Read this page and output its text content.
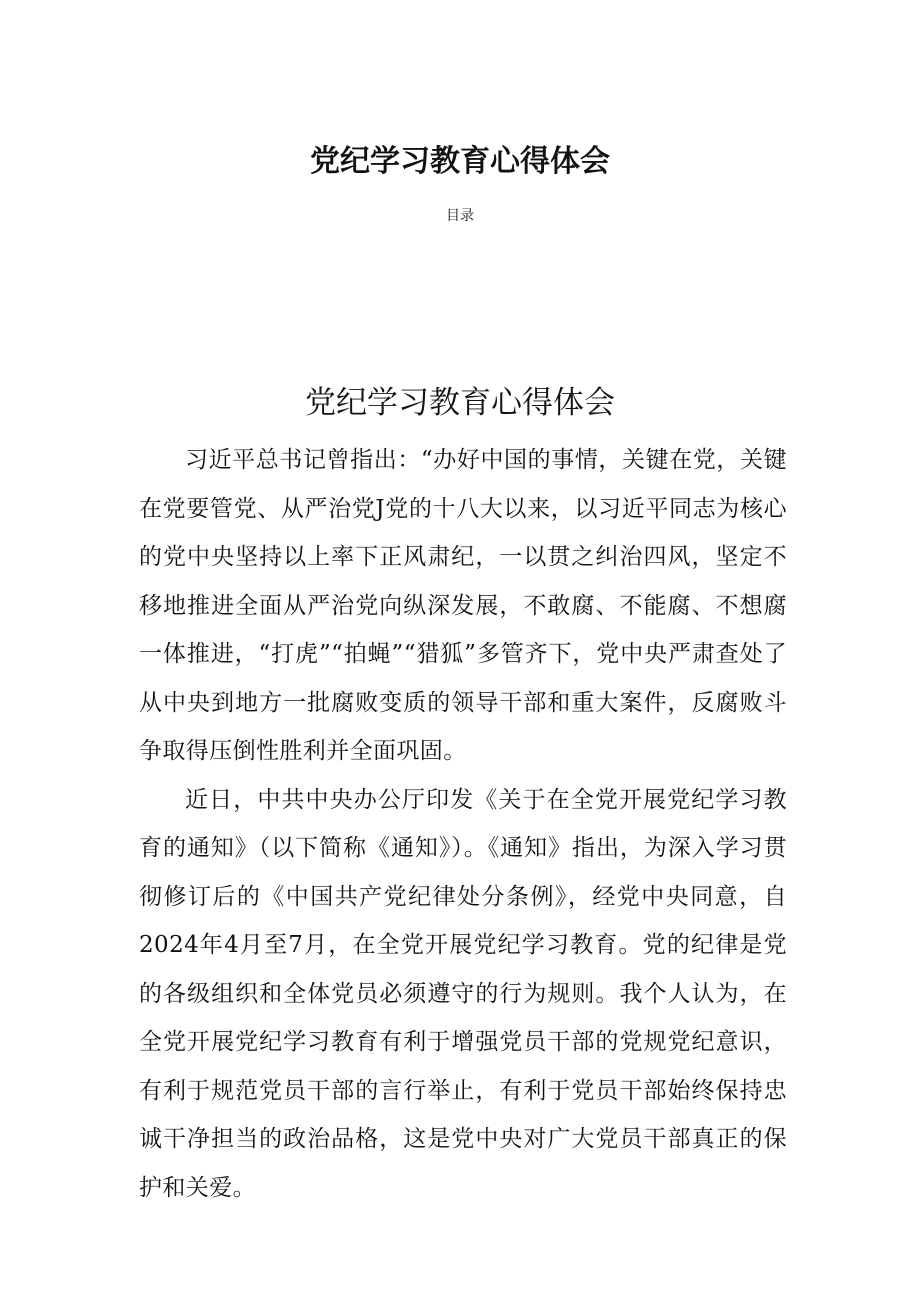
党纪学习教育心得体会
目录
党纪学习教育心得体会

习近平总书记曾指出：“办好中国的事情，关键在党，关键在党要管党、从严治党J党的十八大以来，以习近平同志为核心的党中央坚持以上率下正风肃纪，一以贯之纠治四风，坚定不移地推进全面从严治党向纵深发展，不敢腐、不能腐、不想腐一体推进，“打虎”“拍蝇”“猎狐”多管齐下，党中央严肃查处了从中央到地方一批腐败变质的领导干部和重大案件，反腐败斗争取得压倒性胜利并全面巩固。

近日，中共中央办公厅印发《关于在全党开展党纪学习教育的通知》（以下简称《通知》）。《通知》指出，为深入学习贯彻修订后的《中国共产党纪律处分条例》，经党中央同意，自2024年4月至7月，在全党开展党纪学习教育。党的纪律是党的各级组织和全体党员必须遵守的行为规则。我个人认为，在全党开展党纪学习教育有利于增强党员干部的党规党纪意识，有利于规范党员干部的言行举止，有利于党员干部始终保持忠诚干净担当的政治品格，这是党中央对广大党员干部真正的保护和关爱。
